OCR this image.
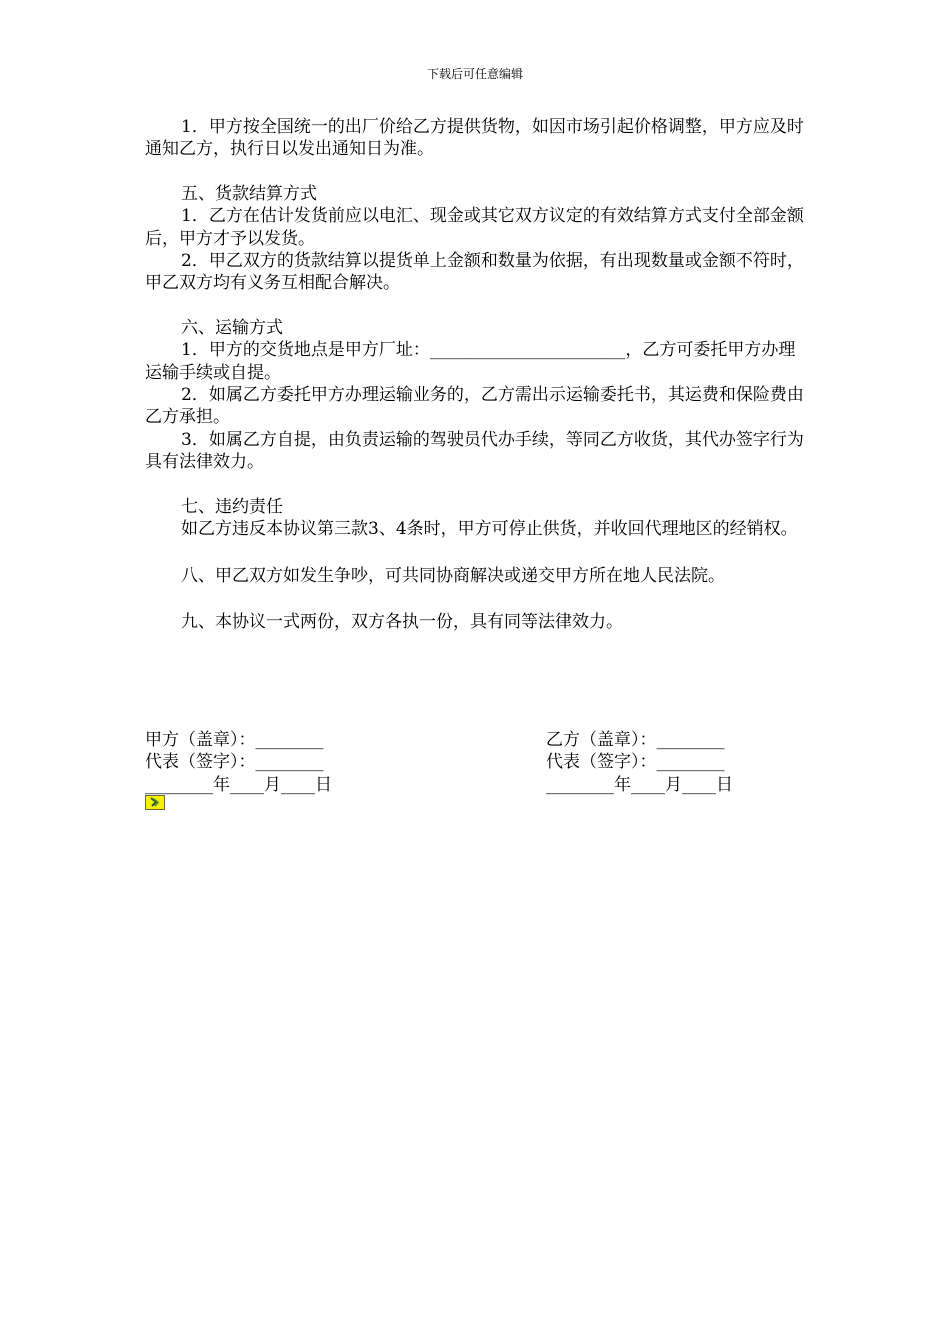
下载后可任意编辑

1．甲方按全国统一的出厂价给乙方提供货物，如因市场引起价格调整，甲方应及时通知乙方，执行日以发出通知日为准。

五、货款结算方式

1．乙方在估计发货前应以电汇、现金或其它双方议定的有效结算方式支付全部金额后，甲方才予以发货。

2．甲乙双方的货款结算以提货单上金额和数量为依据，有出现数量或金额不符时，甲乙双方均有义务互相配合解决。

六、运输方式

1．甲方的交货地点是甲方厂址：_______________________，乙方可委托甲方办理运输手续或自提。

2．如属乙方委托甲方办理运输业务的，乙方需出示运输委托书，其运费和保险费由乙方承担。

3．如属乙方自提，由负责运输的驾驶员代办手续，等同乙方收货，其代办签字行为具有法律效力。

七、违约责任

如乙方违反本协议第三款3、4条时，甲方可停止供货，并收回代理地区的经销权。

八、甲乙双方如发生争吵，可共同协商解决或递交甲方所在地人民法院。

九、本协议一式两份，双方各执一份，具有同等法律效力。

甲方（盖章）：________

代表（签字）：________

________年____月____日

乙方（盖章）：________

代表（签字）：________

________年____月____日
